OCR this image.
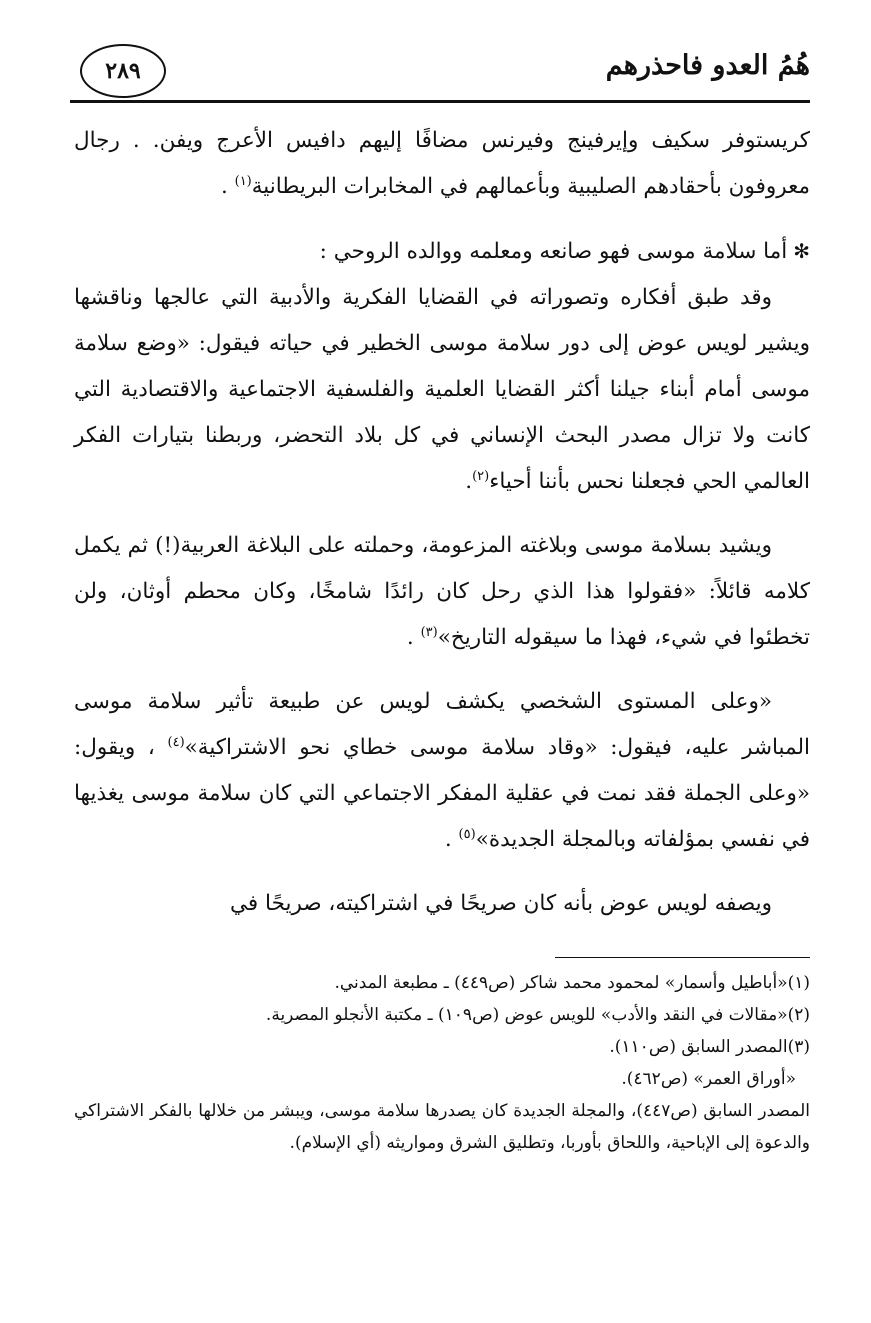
٢٨٩	هُمُ العدو فاحذرهم

كريستوفر سكيف وإيرفينج وفيرنس مضافًا إليهم دافيس الأعرج ويفن. . رجال معروفون بأحقادهم الصليبية وبأعمالهم في المخابرات البريطانية$^{(١)}$ .

✻أما سلامة موسى فهو صانعه ومعلمه ووالده الروحي :

وقد طبق أفكاره وتصوراته في القضايا الفكرية والأدبية التي عالجها وناقشها ويشير لويس عوض إلى دور سلامة موسى الخطير في حياته فيقول: «وضع سلامة موسى أمام أبناء جيلنا أكثر القضايا العلمية والفلسفية الاجتماعية والاقتصادية التي كانت ولا تزال مصدر البحث الإنساني في كل بلاد التحضر، وربطنا بتيارات الفكر العالمي الحي فجعلنا نحس بأننا أحياء$^{(٢)}$.

ويشيد بسلامة موسى وبلاغته المزعومة، وحملته على البلاغة العربية(!) ثم يكمل كلامه قائلاً: «فقولوا هذا الذي رحل كان رائدًا شامخًا، وكان محطم أوثان، ولن تخطئوا في شيء، فهذا ما سيقوله التاريخ»$^{(٣)}$ .

«وعلى المستوى الشخصي يكشف لويس عن طبيعة تأثير سلامة موسى المباشر عليه، فيقول: «وقاد سلامة موسى خطاي نحو الاشتراكية»$^{(٤)}$ ، ويقول: «وعلى الجملة فقد نمت في عقلية المفكر الاجتماعي التي كان سلامة موسى يغذيها في نفسي بمؤلفاته وبالمجلة الجديدة»$^{(٥)}$ .

ويصفه لويس عوض بأنه كان صريحًا في اشتراكيته، صريحًا في

(١)«أباطيل وأسمار» لمحمود محمد شاكر (ص٤٤٩) ـ مطبعة المدني.

(٢)«مقالات في النقد والأدب» للويس عوض (ص١٠٩) ـ مكتبة الأنجلو المصرية.

(٣)المصدر السابق (ص١١٠).

«أوراق العمر» (ص٤٦٢).

المصدر السابق (ص٤٤٧)، والمجلة الجديدة كان يصدرها سلامة موسى، ويبشر من خلالها بالفكر الاشتراكي والدعوة إلى الإباحية، واللحاق بأوربا، وتطليق الشرق ومواريثه (أي الإسلام).
